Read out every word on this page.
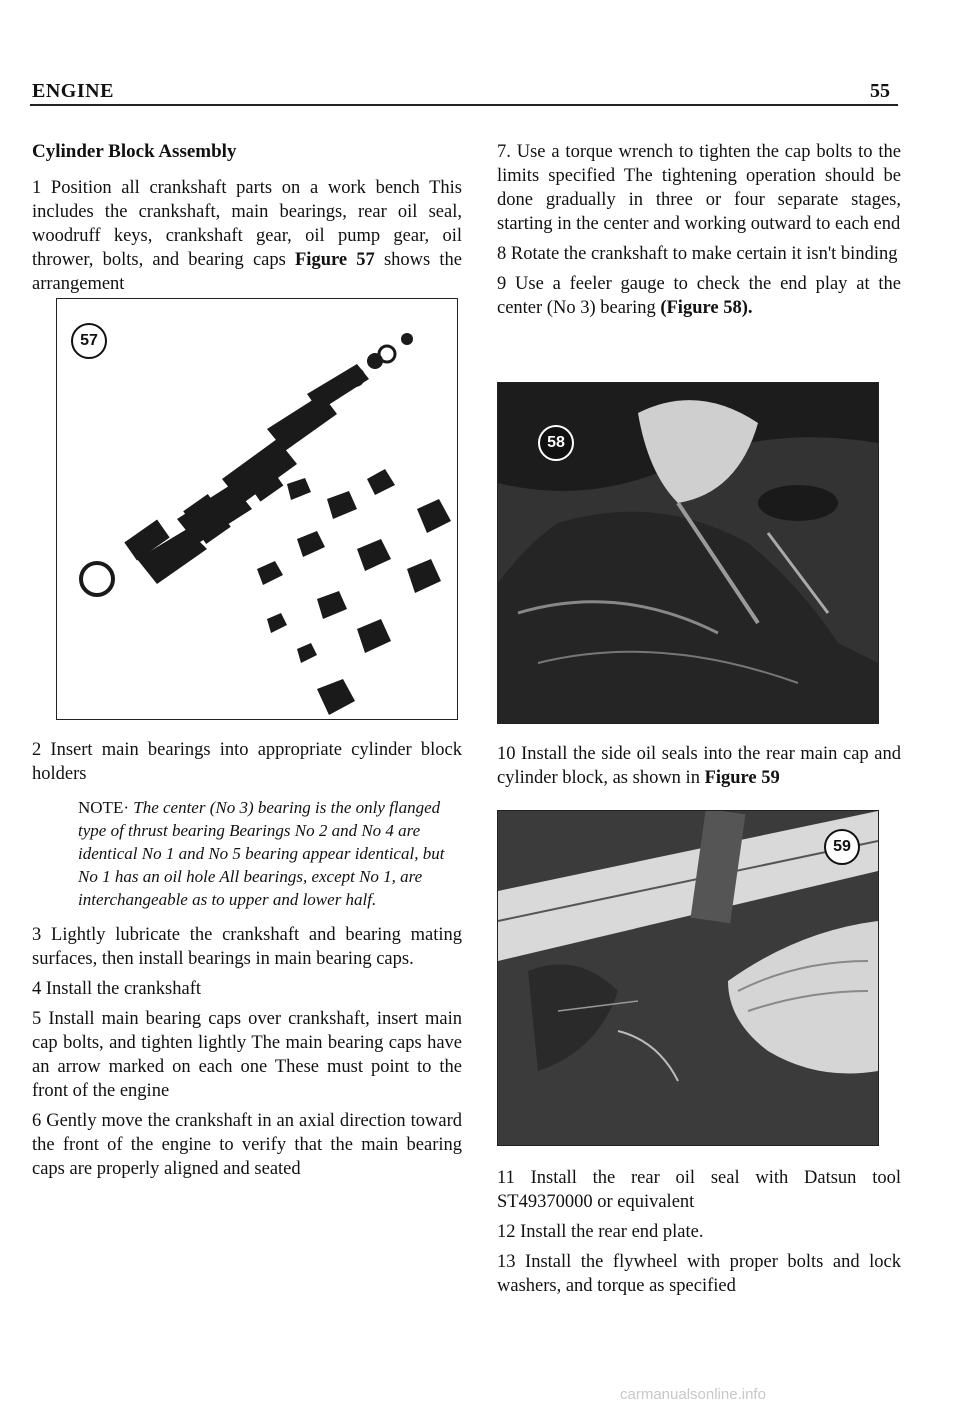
ENGINE	55

Cylinder Block Assembly

1 Position all crankshaft parts on a work bench This includes the crankshaft, main bearings, rear oil seal, woodruff keys, crankshaft gear, oil pump gear, oil thrower, bolts, and bearing caps Figure 57 shows the arrangement

57

2 Insert main bearings into appropriate cylinder block holders

NOTE· The center (No 3) bearing is the only flanged type of thrust bearing Bearings No 2 and No 4 are identical No 1 and No 5 bearing appear identical, but No 1 has an oil hole All bearings, except No 1, are interchangeable as to upper and lower half.

3 Lightly lubricate the crankshaft and bearing mating surfaces, then install bearings in main bearing caps.

4 Install the crankshaft

5 Install main bearing caps over crankshaft, insert main cap bolts, and tighten lightly The main bearing caps have an arrow marked on each one These must point to the front of the engine

6 Gently move the crankshaft in an axial direction toward the front of the engine to verify that the main bearing caps are properly aligned and seated

7. Use a torque wrench to tighten the cap bolts to the limits specified The tightening operation should be done gradually in three or four separate stages, starting in the center and working outward to each end

8 Rotate the crankshaft to make certain it isn't binding

9 Use a feeler gauge to check the end play at the center (No 3) bearing (Figure 58).

58

10 Install the side oil seals into the rear main cap and cylinder block, as shown in Figure 59

59

11 Install the rear oil seal with Datsun tool ST49370000 or equivalent

12 Install the rear end plate.

13 Install the flywheel with proper bolts and lock washers, and torque as specified

carmanualsonline.info
